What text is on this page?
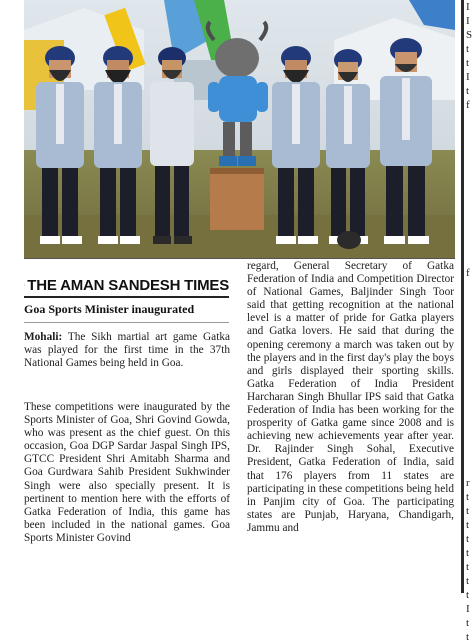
I
I
S
t
t
I
t
f
f
r
t
t
t
t
t
t
t
t
I
t
t
THE AMAN SANDESH TIMES
Goa Sports Minister inaugurated

Mohali: The Sikh martial art game Gatka was played for the first time in the 37th National Games being held in Goa.

These competitions were inaugurated by the Sports Minister of Goa, Shri Govind Gowda, who was present as the chief guest. On this occasion, Goa DGP Sardar Jaspal Singh IPS, GTCC President Shri Amitabh Sharma and Goa Gurdwara Sahib President Sukhwinder Singh were also specially present. It is pertinent to mention here with the efforts of Gatka Federation of India, this game has been included in the national games. Goa Sports Minister Govind

regard, General Secretary of Gatka Federation of India and Competition Director of National Games, Baljinder Singh Toor said that getting recognition at the national level is a matter of pride for Gatka players and Gatka lovers. He said that during the opening ceremony a march was taken out by the players and in the first day's play the boys and girls displayed their sporting skills. Gatka Federation of India President Harcharan Singh Bhullar IPS said that Gatka Federation of India has been working for the prosperity of Gatka game since 2008 and is achieving new achievements year after year. Dr. Rajinder Singh Sohal, Executive President, Gatka Federation of India, said that 176 players from 11 states are participating in these competitions being held in Panjim city of Goa. The participating states are Punjab, Haryana, Chandigarh, Jammu and
